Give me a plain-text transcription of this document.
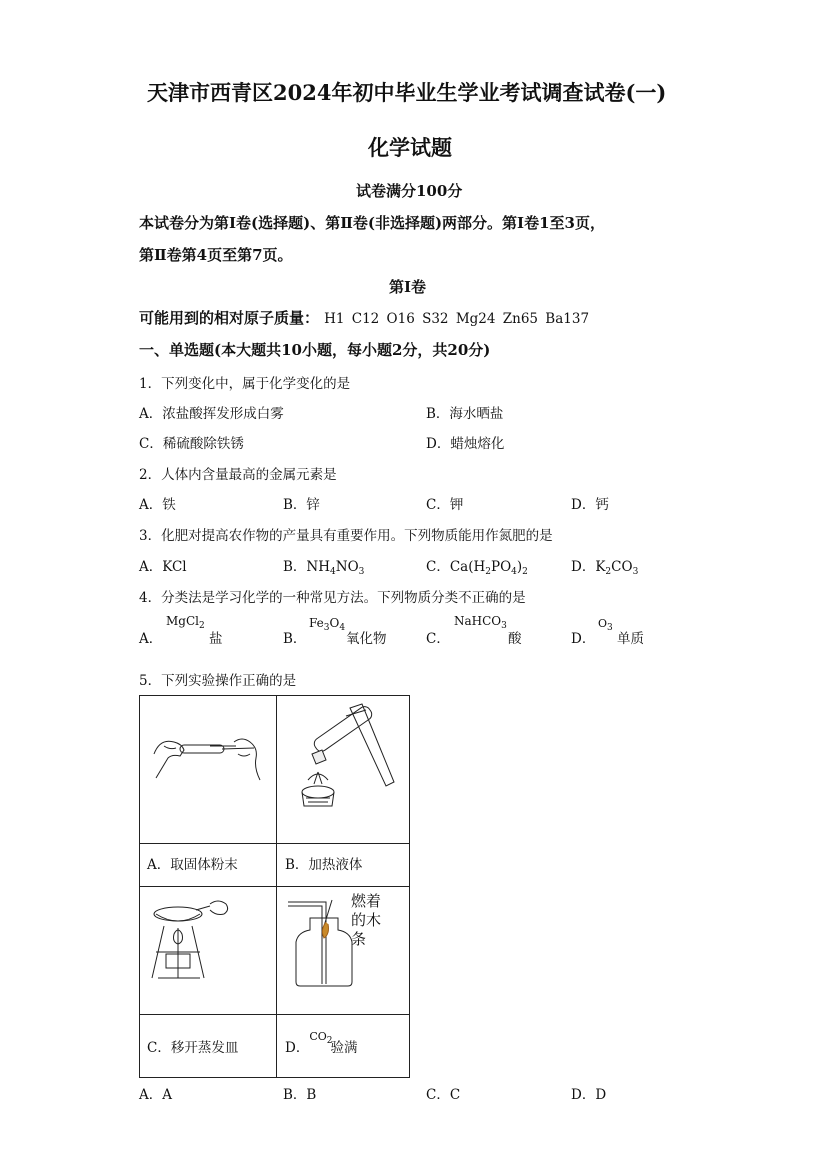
天津市西青区2024年初中毕业生学业考试调查试卷(一)
化学试题
试卷满分100分
本试卷分为第Ⅰ卷(选择题)、第Ⅱ卷(非选择题)两部分。第Ⅰ卷1至3页，
第Ⅱ卷第4页至第7页。
第Ⅰ卷
可能用到的相对原子质量： H1 C12 O16 S32 Mg24 Zn65 Ba137
一、单选题(本大题共10小题，每小题2分，共20分)
1．下列变化中，属于化学变化的是
A．浓盐酸挥发形成白雾	B．海水晒盐
C．稀硫酸除铁锈	D．蜡烛熔化
2．人体内含量最高的金属元素是
A．铁	B．锌	C．钾	D．钙
3．化肥对提高农作物的产量具有重要作用。下列物质能用作氮肥的是
A．KCl	B．$NH_4NO_3$	C．$Ca(H_2PO_4)_2$	D．$K_2CO_3$
4．分类法是学习化学的一种常见方法。下列物质分类不正确的是
A．
MgCl$_2$
盐	B．
$Fe_3O_4$
氧化物	C．
NaHCO$_3$
酸	D．
$O_3$
单质
5．下列实验操作正确的是
A．取固体粉末	B．加热液体
燃着的木条
C．移开蒸发皿	D．$^{CO_2}$验满
A．A	B．B	C．C	D．D
